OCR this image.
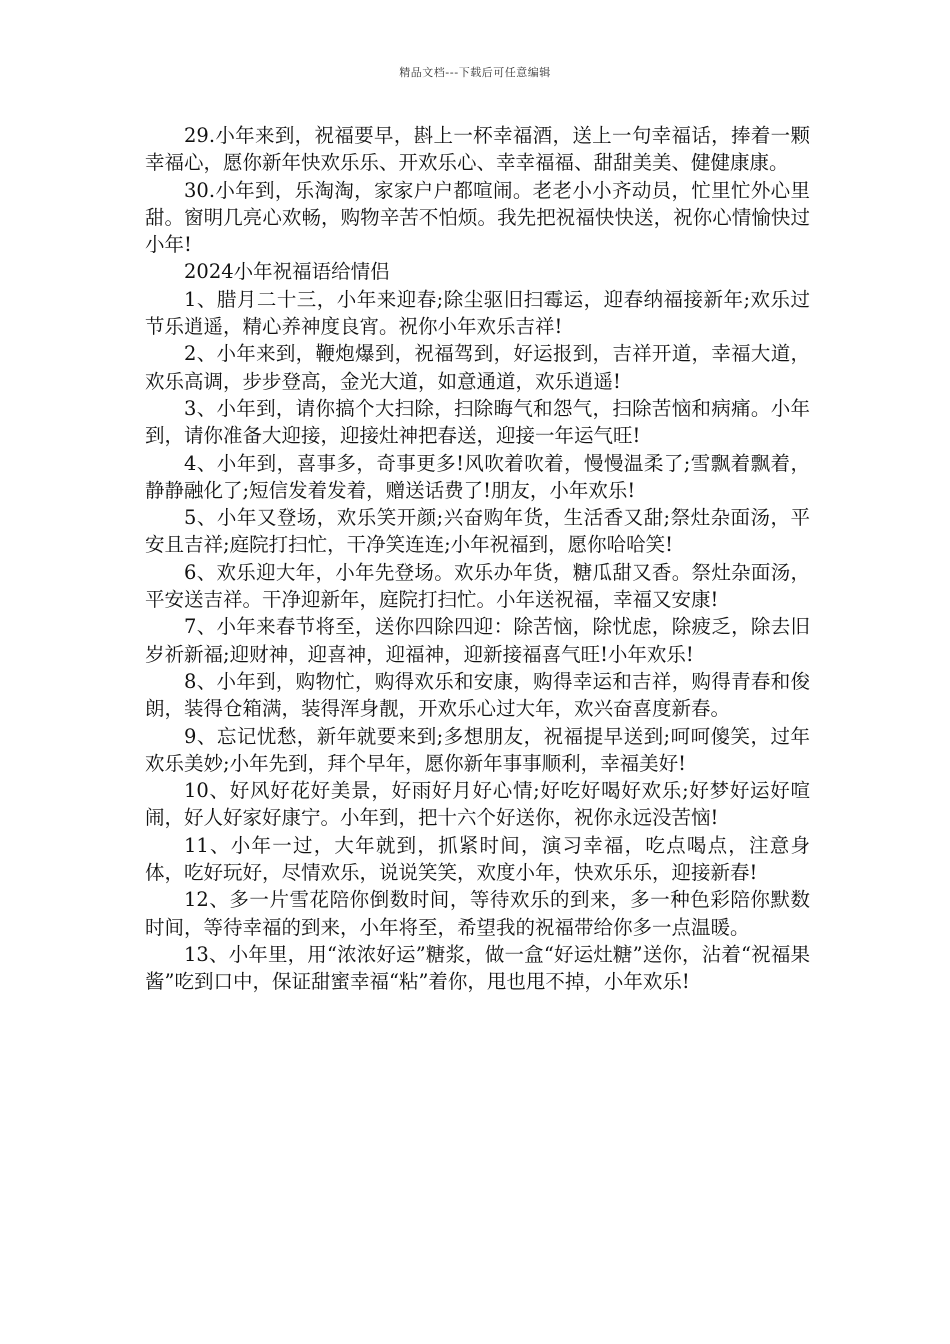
精品文档---下载后可任意编辑

29.小年来到，祝福要早，斟上一杯幸福酒，送上一句幸福话，捧着一颗幸福心，愿你新年快欢乐乐、开欢乐心、幸幸福福、甜甜美美、健健康康。

30.小年到，乐淘淘，家家户户都喧闹。老老小小齐动员，忙里忙外心里甜。窗明几亮心欢畅，购物辛苦不怕烦。我先把祝福快快送，祝你心情愉快过小年!

2024小年祝福语给情侣

1、腊月二十三，小年来迎春;除尘驱旧扫霉运，迎春纳福接新年;欢乐过节乐逍遥，精心养神度良宵。祝你小年欢乐吉祥!

2、小年来到，鞭炮爆到，祝福驾到，好运报到，吉祥开道，幸福大道，欢乐高调，步步登高，金光大道，如意通道，欢乐逍遥!

3、小年到，请你搞个大扫除，扫除晦气和怨气，扫除苦恼和病痛。小年到，请你准备大迎接，迎接灶神把春送，迎接一年运气旺!

4、小年到，喜事多，奇事更多!风吹着吹着，慢慢温柔了;雪飘着飘着，静静融化了;短信发着发着，赠送话费了!朋友，小年欢乐!

5、小年又登场，欢乐笑开颜;兴奋购年货，生活香又甜;祭灶杂面汤，平安且吉祥;庭院打扫忙，干净笑连连;小年祝福到，愿你哈哈笑!

6、欢乐迎大年，小年先登场。欢乐办年货，糖瓜甜又香。祭灶杂面汤，平安送吉祥。干净迎新年，庭院打扫忙。小年送祝福，幸福又安康!

7、小年来春节将至，送你四除四迎：除苦恼，除忧虑，除疲乏，除去旧岁祈新福;迎财神，迎喜神，迎福神，迎新接福喜气旺!小年欢乐!

8、小年到，购物忙，购得欢乐和安康，购得幸运和吉祥，购得青春和俊朗，装得仓箱满，装得浑身靓，开欢乐心过大年，欢兴奋喜度新春。

9、忘记忧愁，新年就要来到;多想朋友，祝福提早送到;呵呵傻笑，过年欢乐美妙;小年先到，拜个早年，愿你新年事事顺利，幸福美好!

10、好风好花好美景，好雨好月好心情;好吃好喝好欢乐;好梦好运好喧闹，好人好家好康宁。小年到，把十六个好送你，祝你永远没苦恼!

11、小年一过，大年就到，抓紧时间，演习幸福，吃点喝点，注意身体，吃好玩好，尽情欢乐，说说笑笑，欢度小年，快欢乐乐，迎接新春!

12、多一片雪花陪你倒数时间，等待欢乐的到来，多一种色彩陪你默数时间，等待幸福的到来，小年将至，希望我的祝福带给你多一点温暖。

13、小年里，用“浓浓好运”糖浆，做一盒“好运灶糖”送你，沾着“祝福果酱”吃到口中，保证甜蜜幸福“粘”着你，甩也甩不掉，小年欢乐!
